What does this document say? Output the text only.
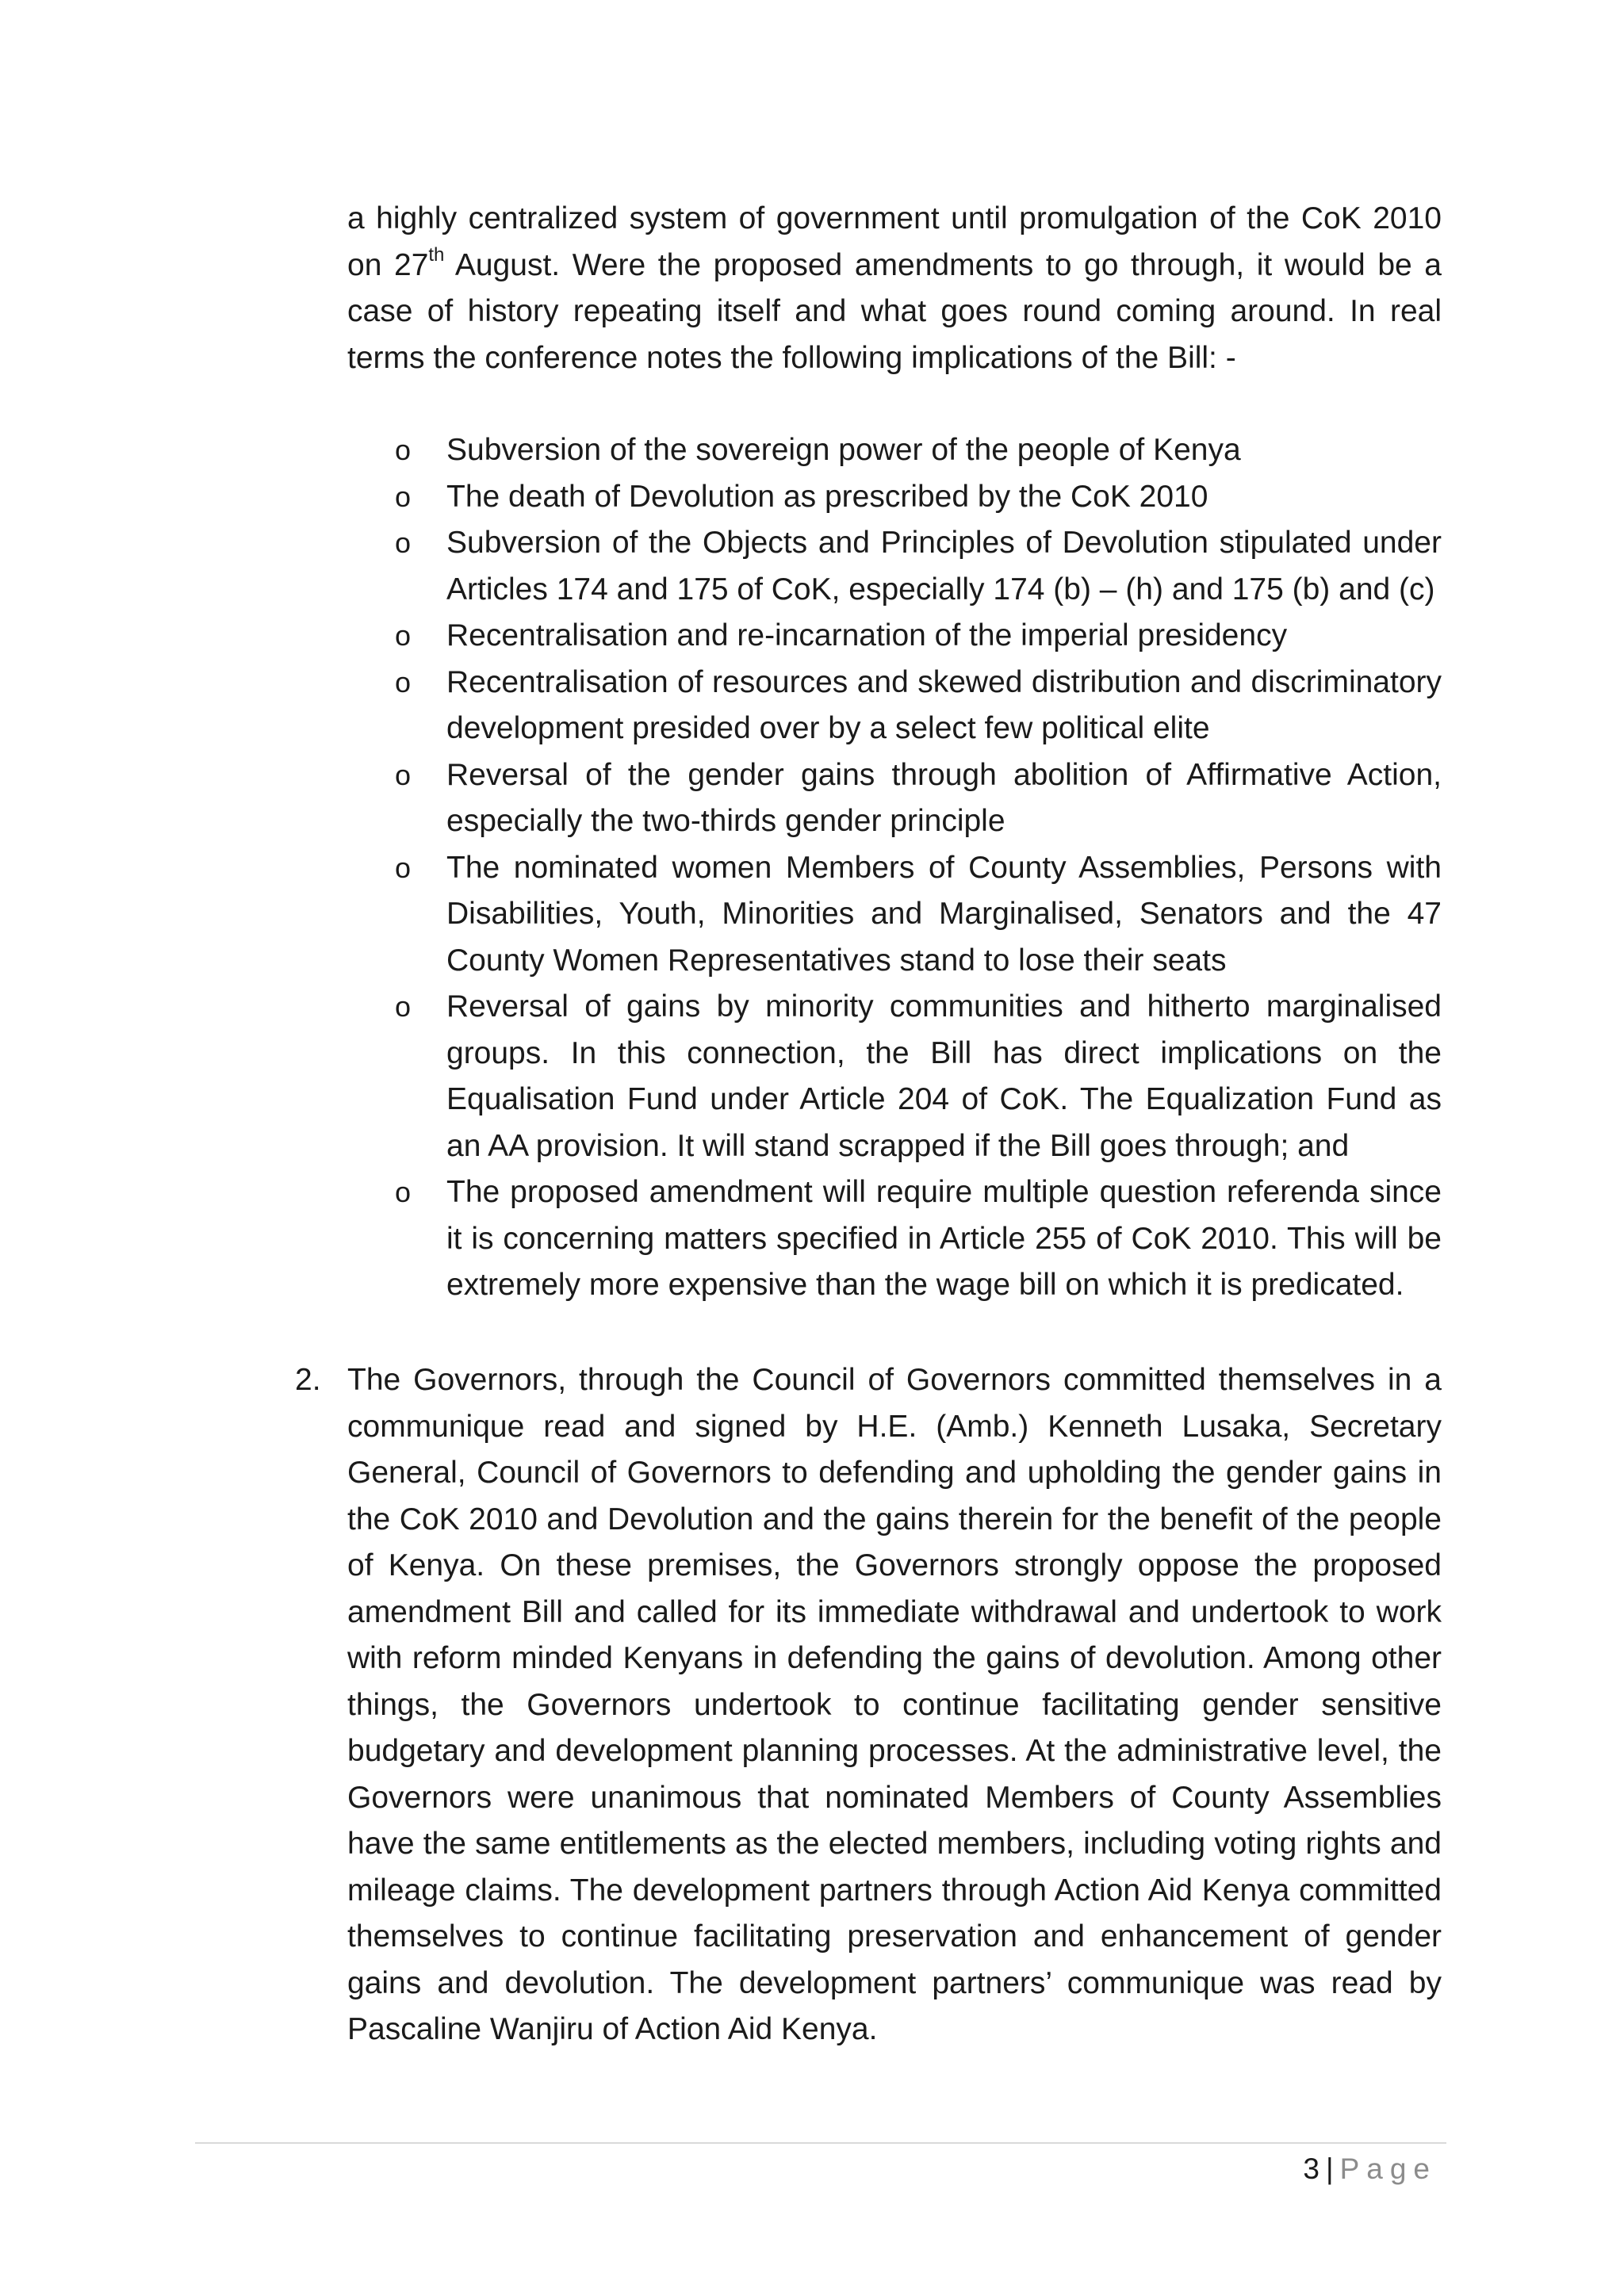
a highly centralized system of government until promulgation of the CoK 2010 on 27th August. Were the proposed amendments to go through, it would be a case of history repeating itself and what goes round coming around. In real terms the conference notes the following implications of the Bill: -
o Subversion of the sovereign power of the people of Kenya
o The death of Devolution as prescribed by the CoK 2010
o Subversion of the Objects and Principles of Devolution stipulated under Articles 174 and 175 of CoK, especially 174 (b) – (h) and 175 (b) and (c)
o Recentralisation and re-incarnation of the imperial presidency
o Recentralisation of resources and skewed distribution and discriminatory development presided over by a select few political elite
o Reversal of the gender gains through abolition of Affirmative Action, especially the two-thirds gender principle
o The nominated women Members of County Assemblies, Persons with Disabilities, Youth, Minorities and Marginalised, Senators and the 47 County Women Representatives stand to lose their seats
o Reversal of gains by minority communities and hitherto marginalised groups. In this connection, the Bill has direct implications on the Equalisation Fund under Article 204 of CoK. The Equalization Fund as an AA provision. It will stand scrapped if the Bill goes through; and
o The proposed amendment will require multiple question referenda since it is concerning matters specified in Article 255 of CoK 2010. This will be extremely more expensive than the wage bill on which it is predicated.
2. The Governors, through the Council of Governors committed themselves in a communique read and signed by H.E. (Amb.) Kenneth Lusaka, Secretary General, Council of Governors to defending and upholding the gender gains in the CoK 2010 and Devolution and the gains therein for the benefit of the people of Kenya. On these premises, the Governors strongly oppose the proposed amendment Bill and called for its immediate withdrawal and undertook to work with reform minded Kenyans in defending the gains of devolution. Among other things, the Governors undertook to continue facilitating gender sensitive budgetary and development planning processes. At the administrative level, the Governors were unanimous that nominated Members of County Assemblies have the same entitlements as the elected members, including voting rights and mileage claims. The development partners through Action Aid Kenya committed themselves to continue facilitating preservation and enhancement of gender gains and devolution. The development partners’ communique was read by Pascaline Wanjiru of Action Aid Kenya.
3 | Page
